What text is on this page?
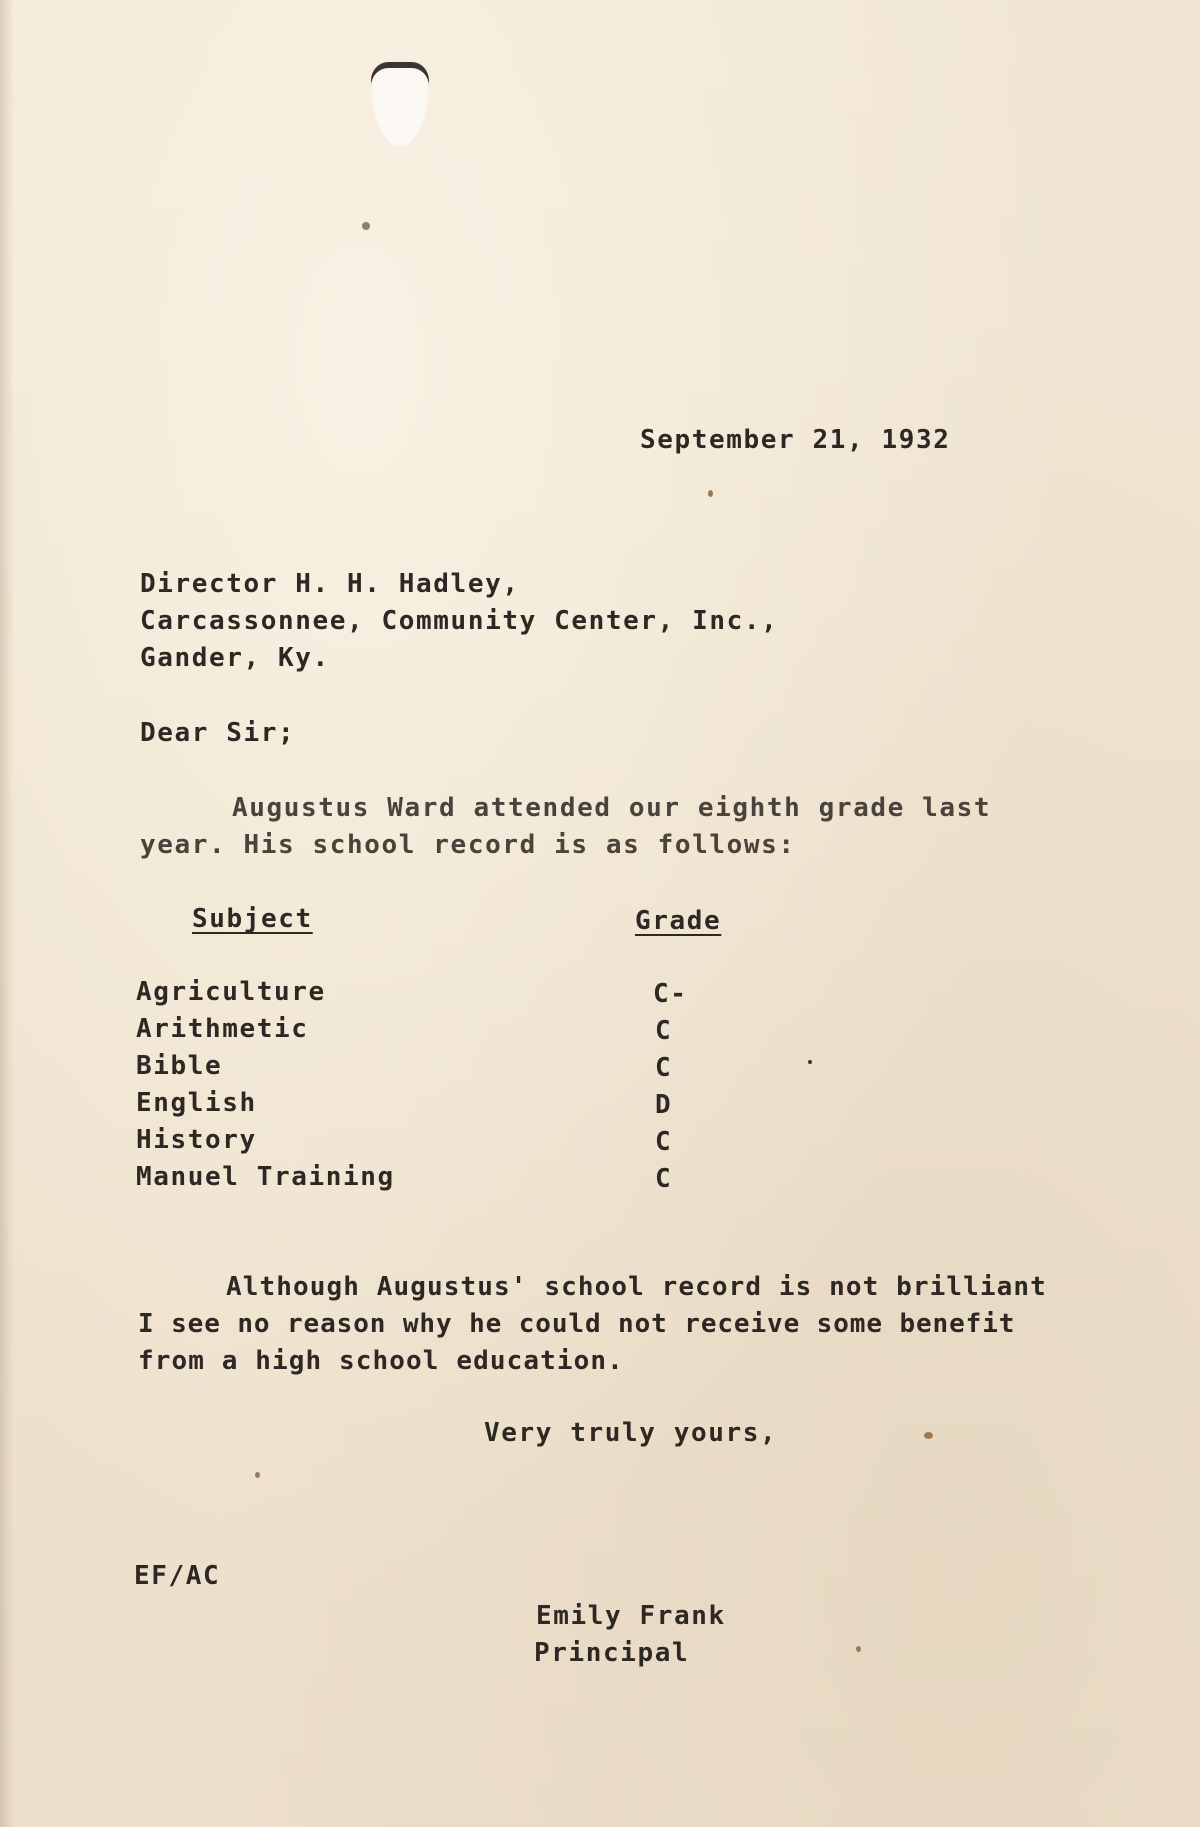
September 21, 1932
Director H. H. Hadley,
Carcassonnee, Community Center, Inc.,
Gander, Ky.
Dear Sir;
Augustus Ward attended our eighth grade last
year. His school record is as follows:
Subject	Grade
Agriculture	C-
Arithmetic	C
Bible	C
English	D
History	C
Manuel Training	C
Although Augustus' school record is not brilliant
I see no reason why he could not receive some benefit
from a high school education.
Very truly yours,
EF/AC
Emily Frank
Principal
